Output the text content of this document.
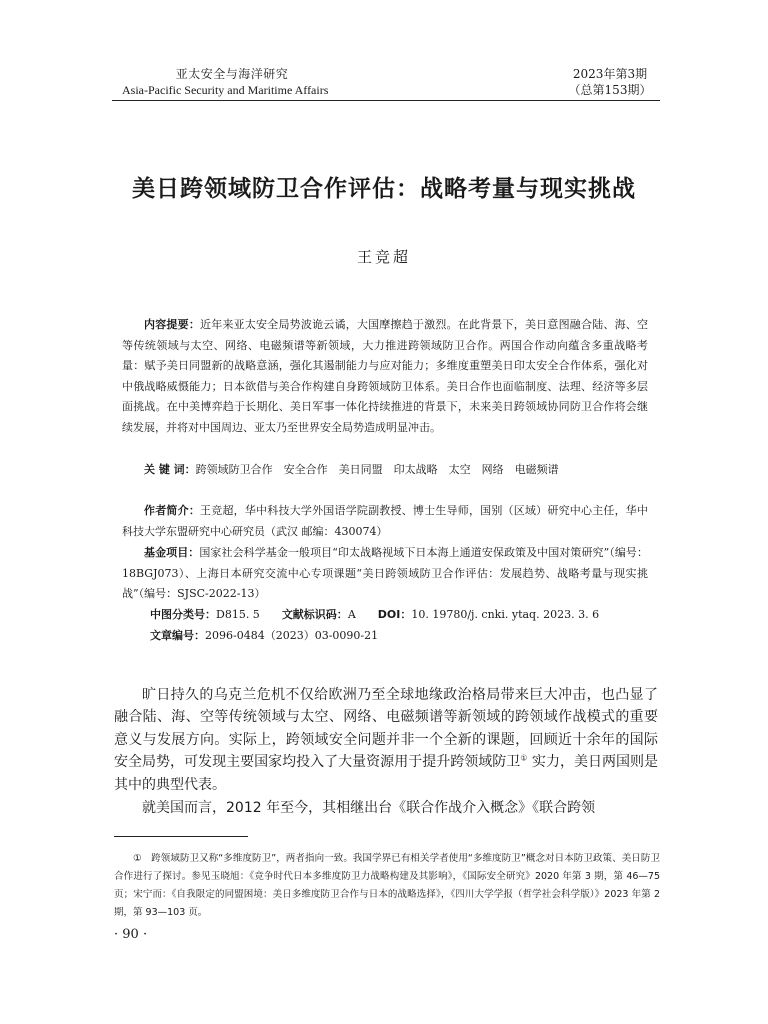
亚太安全与海洋研究
Asia-Pacific Security and Maritime Affairs
2023年第3期
（总第153期）
美日跨领域防卫合作评估：战略考量与现实挑战
王竞超
内容提要：近年来亚太安全局势波诡云谲，大国摩擦趋于激烈。在此背景下，美日意图融合陆、海、空等传统领域与太空、网络、电磁频谱等新领域，大力推进跨领域防卫合作。两国合作动向蕴含多重战略考量：赋予美日同盟新的战略意涵，强化其遏制能力与应对能力；多维度重塑美日印太安全合作体系，强化对中俄战略威慑能力；日本欲借与美合作构建自身跨领域防卫体系。美日合作也面临制度、法理、经济等多层面挑战。在中美博弈趋于长期化、美日军事一体化持续推进的背景下，未来美日跨领域协同防卫合作将会继续发展，并将对中国周边、亚太乃至世界安全局势造成明显冲击。
关 键 词：跨领域防卫合作　安全合作　美日同盟　印太战略　太空　网络　电磁频谱
作者简介：王竞超，华中科技大学外国语学院副教授、博士生导师，国别（区域）研究中心主任，华中科技大学东盟研究中心研究员（武汉 邮编：430074）
基金项目：国家社会科学基金一般项目“印太战略视域下日本海上通道安保政策及中国对策研究”（编号：18BGJ073）、上海日本研究交流中心专项课题“美日跨领域防卫合作评估：发展趋势、战略考量与现实挑战”（编号：SJSC-2022-13）
中图分类号：D815. 5 文献标识码：A DOI：10. 19780/j. cnki. ytaq. 2023. 3. 6
文章编号：2096-0484（2023）03-0090-21
旷日持久的乌克兰危机不仅给欧洲乃至全球地缘政治格局带来巨大冲击，也凸显了融合陆、海、空等传统领域与太空、网络、电磁频谱等新领域的跨领域作战模式的重要意义与发展方向。实际上，跨领域安全问题并非一个全新的课题，回顾近十余年的国际安全局势，可发现主要国家均投入了大量资源用于提升跨领域防卫① 实力，美日两国则是其中的典型代表。
就美国而言，2012 年至今，其相继出台《联合作战介入概念》《联合跨领
①　跨领域防卫又称“多维度防卫”，两者指向一致。我国学界已有相关学者使用“多维度防卫”概念对日本防卫政策、美日防卫合作进行了探讨。参见玉晓旭：《竞争时代日本多维度防卫力战略构建及其影响》，《国际安全研究》2020 年第 3 期，第 46—75 页；宋宁而：《自我限定的同盟困境：美日多维度防卫合作与日本的战略选择》，《四川大学学报（哲学社会科学版）》2023 年第 2 期，第 93—103 页。
· 90 ·
